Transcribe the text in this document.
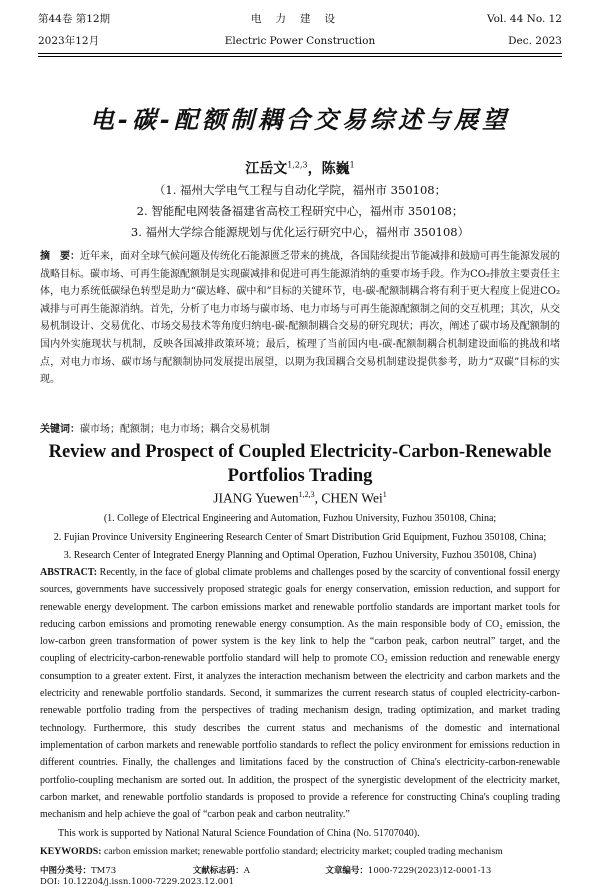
第44卷 第12期
2023年12月
电力建设
Electric Power Construction
Vol. 44 No. 12
Dec. 2023
电-碳-配额制耦合交易综述与展望
江岳文$^{1,2,3}$，陈巍$^1$
（1. 福州大学电气工程与自动化学院，福州市 350108；
2. 智能配电网装备福建省高校工程研究中心，福州市 350108；
3. 福州大学综合能源规划与优化运行研究中心，福州市 350108）
摘　要：近年来，面对全球气候问题及传统化石能源匮乏带来的挑战，各国陆续提出节能减排和鼓励可再生能源发展的战略目标。碳市场、可再生能源配额制是实现碳减排和促进可再生能源消纳的重要市场手段。作为CO₂排放主要责任主体，电力系统低碳绿色转型是助力“碳达峰、碳中和”目标的关键环节，电-碳-配额制耦合将有利于更大程度上促进CO₂减排与可再生能源消纳。首先，分析了电力市场与碳市场、电力市场与可再生能源配额制之间的交互机理；其次，从交易机制设计、交易优化、市场交易技术等角度归纳电-碳-配额制耦合交易的研究现状；再次，阐述了碳市场及配额制的国内外实施现状与机制，反映各国减排政策环境；最后，梳理了当前国内电-碳-配额制耦合机制建设面临的挑战和堵点，对电力市场、碳市场与配额制协同发展提出展望，以期为我国耦合交易机制建设提供参考，助力“双碳”目标的实现。
关键词：碳市场；配额制；电力市场；耦合交易机制
Review and Prospect of Coupled Electricity-Carbon-Renewable
Portfolios Trading
JIANG Yuewen$^{1,2,3}$, CHEN Wei$^1$
(1. College of Electrical Engineering and Automation, Fuzhou University, Fuzhou 350108, China;
2. Fujian Province University Engineering Research Center of Smart Distribution Grid Equipment, Fuzhou 350108, China;
3. Research Center of Integrated Energy Planning and Optimal Operation, Fuzhou University, Fuzhou 350108, China)
ABSTRACT: Recently, in the face of global climate problems and challenges posed by the scarcity of conventional fossil energy sources, governments have successively proposed strategic goals for energy conservation, emission reduction, and support for renewable energy development. The carbon emissions market and renewable portfolio standards are important market tools for reducing carbon emissions and promoting renewable energy consumption. As the main responsible body of CO₂ emission, the low-carbon green transformation of power system is the key link to help the “carbon peak, carbon neutral” target, and the coupling of electricity-carbon-renewable portfolio standard will help to promote CO₂ emission reduction and renewable energy consumption to a greater extent. First, it analyzes the interaction mechanism between the electricity and carbon markets and the electricity and renewable portfolio standards. Second, it summarizes the current research status of coupled electricity-carbon-renewable portfolio trading from the perspectives of trading mechanism design, trading optimization, and market trading technology. Furthermore, this study describes the current status and mechanisms of the domestic and international implementation of carbon markets and renewable portfolio standards to reflect the policy environment for emissions reduction in different countries. Finally, the challenges and limitations faced by the construction of China's electricity-carbon-renewable portfolio-coupling mechanism are sorted out. In addition, the prospect of the synergistic development of the electricity market, carbon market, and renewable portfolio standards is proposed to provide a reference for constructing China's coupling trading mechanism and help achieve the goal of “carbon peak and carbon neutrality.”
This work is supported by National Natural Science Foundation of China (No. 51707040).
KEYWORDS: carbon emission market; renewable portfolio standard; electricity market; coupled trading mechanism
中图分类号：TM73	文献标志码：A	文章编号：1000-7229(2023)12-0001-13
DOI: 10.12204/j.issn.1000-7229.2023.12.001
